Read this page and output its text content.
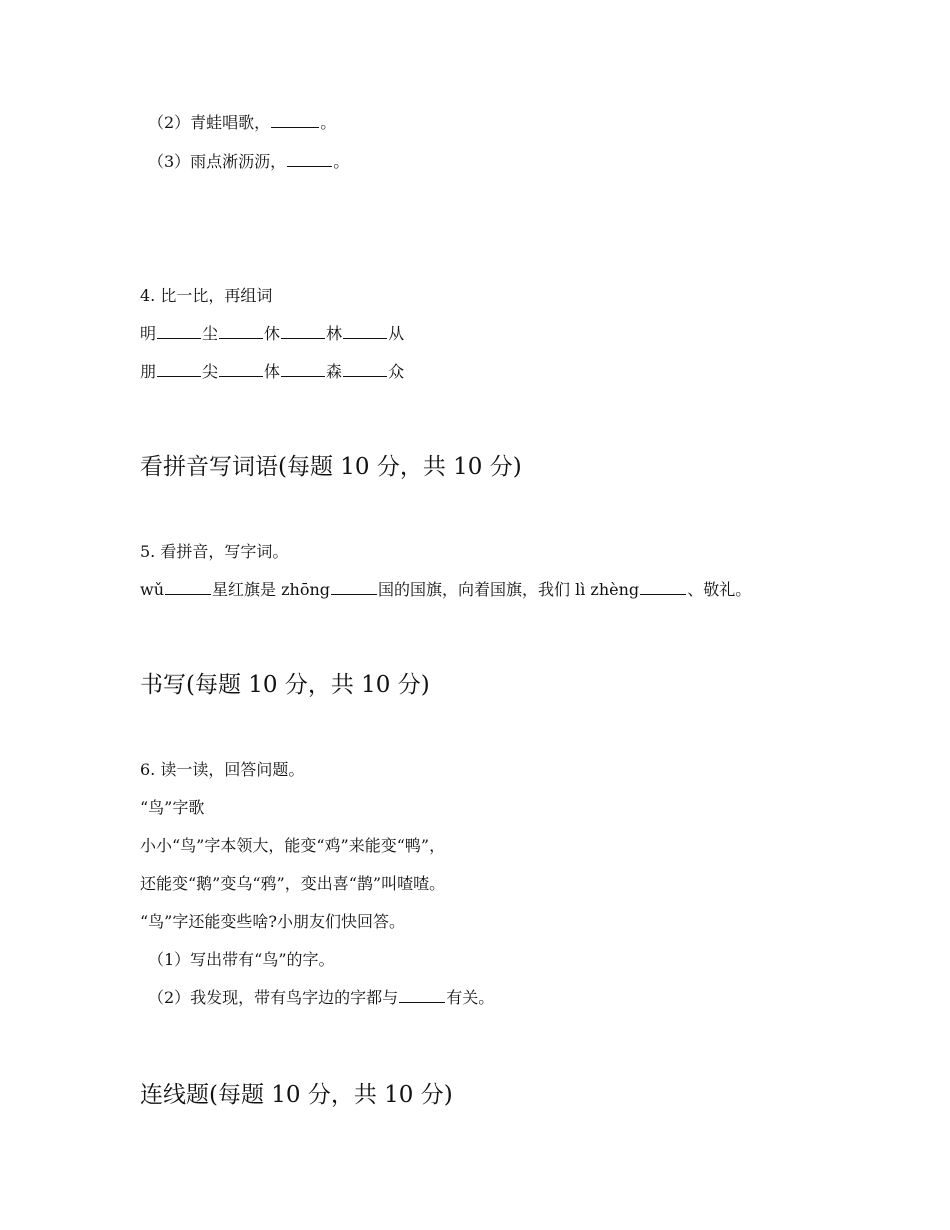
（2）青蛙唱歌，	。
（3）雨点淅沥沥，	。
4. 比一比，再组词
明	尘	休	林	从
朋	尖	体	森	众
看拼音写词语(每题 10 分，共 10 分)
5. 看拼音，写字词。
wǔ	星红旗是 zhōng	国的国旗，向着国旗，我们 lì zhèng	、敬礼。
书写(每题 10 分，共 10 分)
6. 读一读，回答问题。
“鸟”字歌
小小“鸟”字本领大，能变“鸡”来能变“鸭”，
还能变“鹅”变乌“鸦”，变出喜“鹊”叫喳喳。
“鸟”字还能变些啥?小朋友们快回答。
（1）写出带有“鸟”的字。
（2）我发现，带有鸟字边的字都与	有关。
连线题(每题 10 分，共 10 分)
